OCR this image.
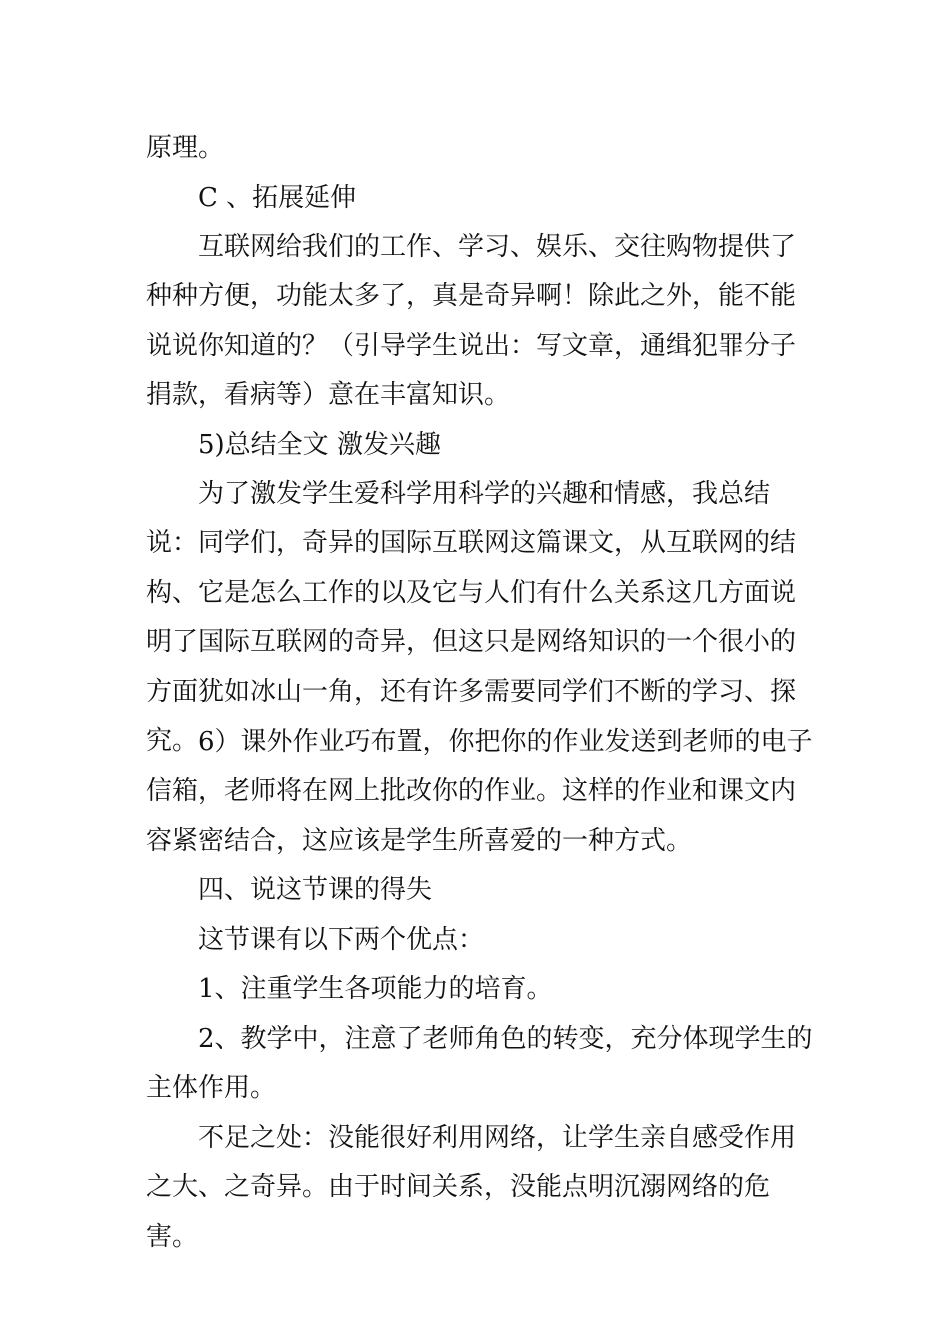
原理。

C 、拓展延伸

互联网给我们的工作、学习、娱乐、交往购物提供了种种方便，功能太多了，真是奇异啊！除此之外，能不能说说你知道的？（引导学生说出：写文章，通缉犯罪分子捐款，看病等）意在丰富知识。

5)总结全文 激发兴趣

为了激发学生爱科学用科学的兴趣和情感，我总结说：同学们，奇异的国际互联网这篇课文，从互联网的结构、它是怎么工作的以及它与人们有什么关系这几方面说明了国际互联网的奇异，但这只是网络知识的一个很小的方面犹如冰山一角，还有许多需要同学们不断的学习、探究。 6）课外作业巧布置，你把你的作业发送到老师的电子信箱，老师将在网上批改你的作业。这样的作业和课文内容紧密结合，这应该是学生所喜爱的一种方式。

四、说这节课的得失

这节课有以下两个优点：

1、注重学生各项能力的培育。

2、教学中，注意了老师角色的转变，充分体现学生的主体作用。

不足之处：没能很好利用网络，让学生亲自感受作用之大、之奇异。由于时间关系，没能点明沉溺网络的危害。
